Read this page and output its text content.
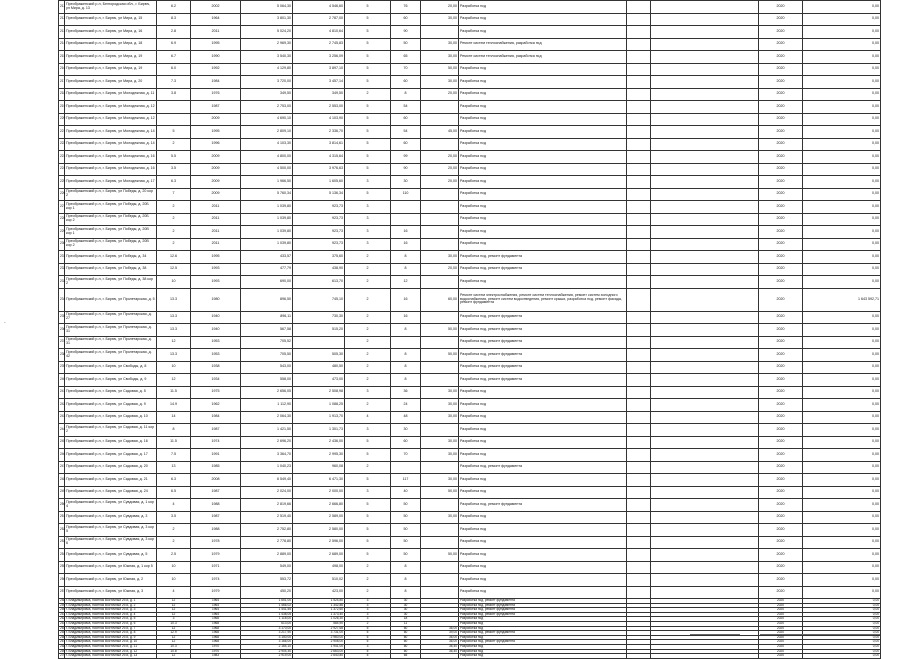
211	Преображенский р-н, Белгородская обл., г. Бирюч, ул Мира, д. 13	6.2	2002	5 064,30	4 546,60	5	76	20,00	Разработка псд			2020	0,00
212	Преображенский р-н, г. Бирюч, ул Мира, д. 15	8.3	1964	3 801,30	2 787,00	5	60	30,00	Разработка псд			2020	0,00
213	Преображенский р-н, г. Бирюч, ул Мира, д. 16	2.8	2011	5 024,20	4 810,64	5	90		Разработка псд			2020	0,00
214	Преображенский р-н, г. Бирюч, ул Мира, д. 18	6.9	1995	2 969,30	2 745,83	5	50	30,00	Ремонт систем теплоснабжения, разработка псд			2020	0,00
215	Преображенский р-н, г. Бирюч, ул Мира, д. 19	6.7	1990	3 540,30	3 256,09	5	65	30,00	Ремонт систем теплоснабжения, разработка псд			2020	0,00
216	Преображенский р-н, г. Бирюч, ул Мира, д. 19	6.0	1992	4 129,80	3 897,10	5	70	50,00	Разработка псд			2020	0,00
217	Преображенский р-н, г. Бирюч, ул Мира, д. 20	7.3	1984	3 720,00	3 457,14	5	60	30,00	Разработка псд			2020	0,00
218	Преображенский р-н, г. Бирюч, ул Молодежная, д. 11	3.8	1976	349,50	349,50	2	8	20,00	Разработка псд			2020	0,00
219	Преображенский р-н, г. Бирюч, ул Молодежная, д. 12		1987	2 753,00	2 553,00	5	54		Разработка псд			2020	0,00
220	Преображенский р-н, г. Бирюч, ул Молодежная, д. 12		2009	4 690,10	4 103,90	5	60		Разработка псд			2020	0,00
221	Преображенский р-н, г. Бирюч, ул Молодежная, д. 14	5	1995	2 809,10	2 336,70	5	54	45,00	Разработка псд			2020	0,00
222	Преображенский р-н, г. Бирюч, ул Молодежная, д. 14	2	1996	4 103,30	3 814,61	5	60		Разработка псд			2020	0,00
223	Преображенский р-н, г. Бирюч, ул Молодежная, д. 16	5.5	2009	4 800,00	4 315,64	5	99	20,00	Разработка псд			2020	0,00
224	Преображенский р-н, г. Бирюч, ул Молодежная, д. 16	3.5	2009	4 500,00	3 976,63	5	90	20,00	Разработка псд			2020	0,00
225	Преображенский р-н, г. Бирюч, ул Молодежная, д. 17	6.3	2009	1 966,50	1 605,60	3	30	20,00	Разработка псд			2020	0,00
226	Преображенский р-н, г. Бирюч, ул Победы, д. 20 кор 2	7	2009	5 760,34	5 136,34	5	110		Разработка псд			2020	0,00
227	Преображенский р-н, г. Бирюч, ул Победы, д. 20Б кор 1	2	2011	1 039,80	923,73	3			Разработка псд			2020	0,00
228	Преображенский р-н, г. Бирюч, ул Победы, д. 20Б кор 2	2	2011	1 039,80	923,73	3			Разработка псд			2020	0,00
229	Преображенский р-н, г. Бирюч, ул Победы, д. 20В кор 1	2	2011	1 039,80	923,73	3	16		Разработка псд			2020	0,00
230	Преображенский р-н, г. Бирюч, ул Победы, д. 20В кор 2	2	2011	1 039,80	923,73	3	16		Разработка псд			2020	0,00
231	Преображенский р-н, г. Бирюч, ул Победы, д. 34	12.6	1995	433,57	375,60	2	8	30,00	Разработка псд, ремонт фундамента			2020	0,00
232	Преображенский р-н, г. Бирюч, ул Победы, д. 38	12.5	1993	477,79	438,90	2	8	20,00	Разработка псд, ремонт фундамента			2020	0,00
233	Преображенский р-н, г. Бирюч, ул Победы, д. 38 кор 2	10	1993	690,00	613,70	2	12		Разработка псд			2020	0,00
234	Преображенский р-н, г. Бирюч, ул Пролетарская, д. 5	13.3	1980	896,50	745,10	2	16	60,00	Ремонт систем электроснабжения, ремонт систем теплоснабжения, ремонт систем холодного водоснабжения, ремонт систем водоотведения, ремонт крыши, разработка псд, ремонт фасада, ремонт фундамента			2020	1 643 592,71
235	Преображенский р-н, г. Бирюч, ул Пролетарская, д. 27	13.3	1940	896,11	730,30	2	16		Разработка псд, ремонт фундамента			2020	0,00
236	Преображенский р-н, г. Бирюч, ул Пролетарская, д. 31	13.3	1940	567,58	515,20	2	8	50,00	Разработка псд, ремонт фундамента			2020	0,00
237	Преображенский р-н, г. Бирюч, ул Пролетарская, д. 31	12	1953	705,52		2			Разработка псд, ремонт фундамента			2020	0,00
238	Преображенский р-н, г. Бирюч, ул Пролетарская, д. 42	13.3	1953	705,50	505,30	2	8	50,00	Разработка псд, ремонт фундамента			2020	0,00
239	Преображенский р-н, г. Бирюч, ул Свободы, д. 8	10	1938	543,00	480,50	2	8		Разработка псд, ремонт фундамента			2020	0,00
240	Преображенский р-н, г. Бирюч, ул Свободы, д. 9	12	1934	558,00	473,00	2	8		Разработка псд, ремонт фундамента			2020	0,00
241	Преображенский р-н, г. Бирюч, ул Садовая, д. 5	11.5	1975	2 656,05	2 508,98	3	36	30,00	Разработка псд			2020	0,00
242	Преображенский р-н, г. Бирюч, ул Садовая, д. 9	14.9	1962	1 112,90	1 088,25	2	24	30,00	Разработка псд			2020	0,00
243	Преображенский р-н, г. Бирюч, ул Садовая, д. 10	14	1984	2 064,30	1 913,70	4	48	30,00	Разработка псд			2020	0,00
244	Преображенский р-н, г. Бирюч, ул Садовая, д. 11 кор 2	8	1987	1 421,50	1 301,73	3	30		Разработка псд			2020	0,00
245	Преображенский р-н, г. Бирюч, ул Садовая, д. 16	11.5	1974	2 696,20	2 436,00	5	60	30,00	Разработка псд			2020	0,00
246	Преображенский р-н, г. Бирюч, ул Садовая, д. 17	7.5	1991	3 364,70	2 995,30	5	70	30,00	Разработка псд			2020	0,00
247	Преображенский р-н, г. Бирюч, ул Садовая, д. 20	13	1985	1 040,23	960,08	2			Разработка псд, ремонт фундамента			2020	0,00
248	Преображенский р-н, г. Бирюч, ул Садовая, д. 21	6.3	2008	6 549,40	6 471,30	5	117	30,00	Разработка псд			2020	0,00
249	Преображенский р-н, г. Бирюч, ул Садовая, д. 24	6.5	1987	2 024,00	2 000,00	3	40	50,00	Разработка псд			2020	0,00
250	Преображенский р-н, г. Бирюч, ул Сувдовая, д. 1 кор 4	4	1988	2 819,66	2 666,80	5	50		Разработка псд, ремонт фундамента			2020	0,00
251	Преображенский р-н, г. Бирюч, ул Сувдовая, д. 3	3.5	1987	2 519,40	2 589,00	5	50	30,00	Разработка псд			2020	0,00
252	Преображенский р-н, г. Бирюч, ул Сувдовая, д. 3 кор 5	2	1988	2 752,80	2 580,00	5	50		Разработка псд			2020	0,00
253	Преображенский р-н, г. Бирюч, ул Сувдовая, д. 3 кор 6	2	1978	2 778,80	2 596,00	5	50		Разработка псд			2020	0,00
254	Преображенский р-н, г. Бирюч, ул Сувдовая, д. 5	2.5	1979	2 889,00	2 689,00	5	50	50,00	Разработка псд			2020	0,00
255	Преображенский р-н, г. Бирюч, ул Южная, д. 1 кор 5	10	1971	549,00	498,00	2	8		Разработка псд			2020	0,00
256	Преображенский р-н, г. Бирюч, ул Южная, д. 2	10	1974	553,72	510,02	2	8		Разработка псд			2020	0,00
257	Преображенский р-н, г. Бирюч, ул Южная, д. 3	4	1979	450,20	423,00	2	8		Разработка псд			2020	0,00
258	г. Владимировка, поселок Восточный 29-й, д. 1	12	1964	1 651,00	1 524,80	3	30		Разработка псд, ремонт фундамента			2020	0,00
259	г. Владимировка, поселок Восточный 29-й, д. 2	12	1964	1 466,02	1 342,86	3	30		Разработка псд, ремонт фундамента			2020	0,00
260	г. Владимировка, поселок Восточный 29-й, д. 3	12	1964	1 441,55	1 372,60	3	30		Разработка псд, ремонт фундамента			2020	0,00
261	г. Владимировка, поселок Восточный 29-й, д. 4	12	1964	1 438,05	1 373,40	3	30		Разработка псд, ремонт фундамента			2020	0,00
262	г. Владимировка, поселок Восточный 29-й, д. 5	3	1968	1 118,00	1 026,30	3	18		Разработка псд			2020	0,00
263	г. Владимировка, поселок Восточный 29-й, д. 6	10.3	1968	613,00	584,90	2	11		Разработка псд			2020	0,00
264	г. Владимировка, поселок Восточный 29-й, д. 7	12	1968	3 170,00	2 927,68	5	60	36,00	Разработка псд			2020	0,00
265	г. Владимировка, поселок Восточный 29-й, д. 8	12.9	1968	3 217,90	3 731,00	5	60	39,00	Разработка псд, ремонт фундамента			2020	0,00
266	г. Владимировка, поселок Восточный 29-й, д. 9	12	1968	3 150,00	2 960,00	5	60	36,00	Разработка псд			2020	0,00
267	г. Владимировка, поселок Восточный 29-й, д. 10	12	1968	3 166,00	2 908,00	5	60	36,00	Разработка псд, ремонт фундамента			2020	0,00
268	г. Владимировка, поселок Восточный 29-й, д. 11	10.3	1970	2 164,10	1 941,00	3	60	36,40	Разработка псд			2020	0,00
269	г. Владимировка, поселок Восточный 29-й, д. 12	10.8	1970	2 904,30	2 663,00	5	60	36,40	Разработка псд			2020	0,00
270	г. Владимировка, поселок Восточный 29-й, д. 13	12	1983	2 919,00	2 640,80	5	65		Разработка псд			2020	0,00
‑
